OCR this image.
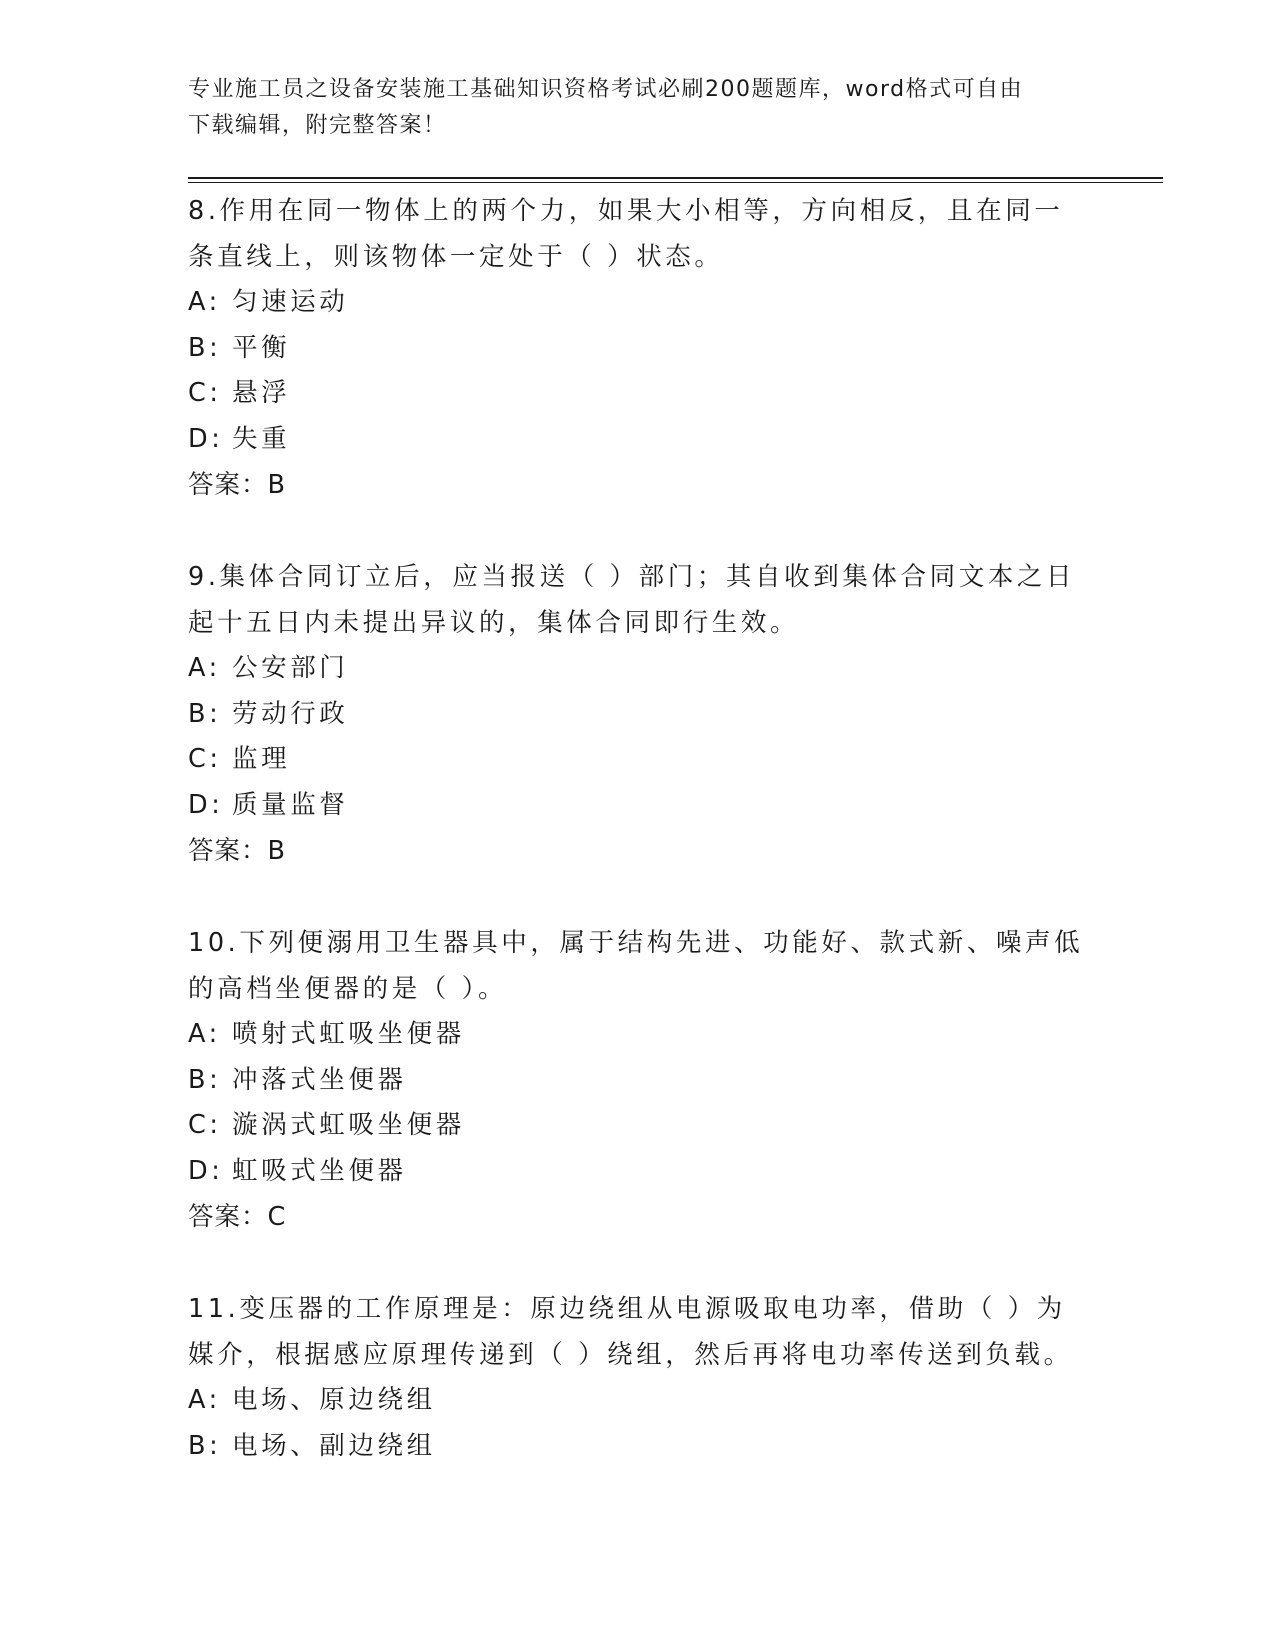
专业施工员之设备安装施工基础知识资格考试必刷200题题库，word格式可自由
下载编辑，附完整答案！

8.作用在同一物体上的两个力，如果大小相等，方向相反，且在同一

条直线上，则该物体一定处于（ ）状态。

A: 匀速运动

B: 平衡

C: 悬浮

D: 失重

答案：B

9.集体合同订立后，应当报送（ ）部门；其自收到集体合同文本之日

起十五日内未提出异议的，集体合同即行生效。

A: 公安部门

B: 劳动行政

C: 监理

D: 质量监督

答案：B

10.下列便溺用卫生器具中，属于结构先进、功能好、款式新、噪声低

的高档坐便器的是（ ）。

A: 喷射式虹吸坐便器

B: 冲落式坐便器

C: 漩涡式虹吸坐便器

D: 虹吸式坐便器

答案：C

11.变压器的工作原理是：原边绕组从电源吸取电功率，借助（ ）为

媒介，根据感应原理传递到（ ）绕组，然后再将电功率传送到负载。

A: 电场、原边绕组

B: 电场、副边绕组
